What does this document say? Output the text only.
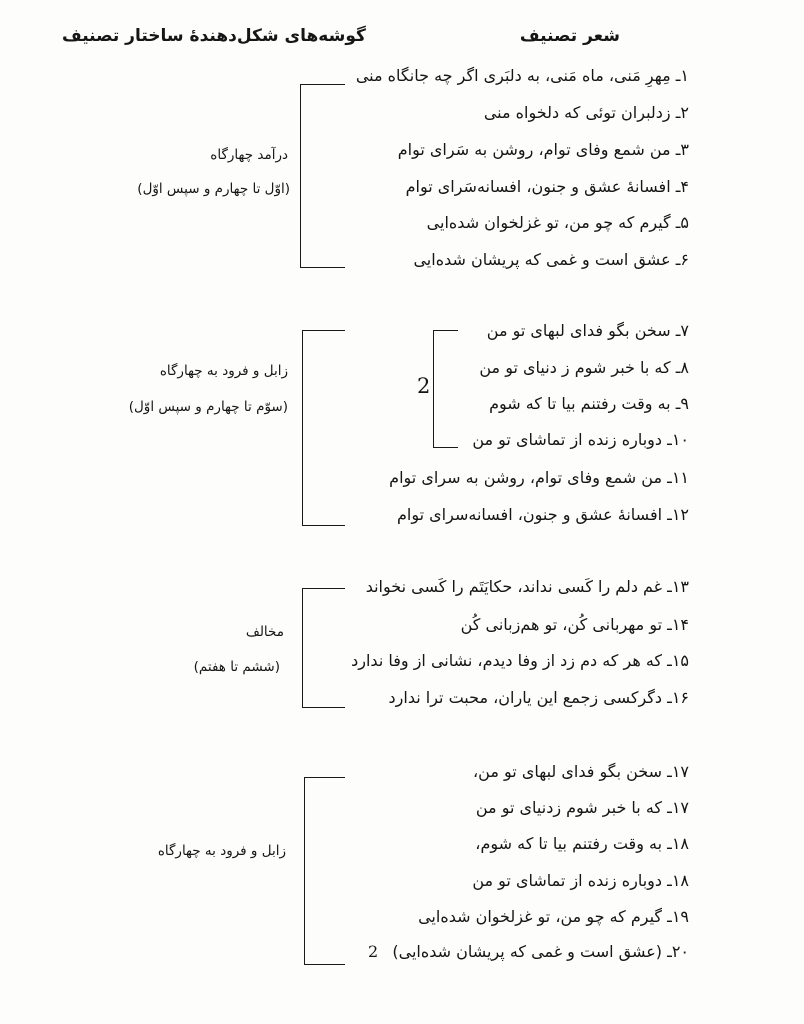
شعر تصنیف
گوشه‌های شکل‌دهندهٔ ساختار تصنیف
۱ـ مِهرِ مَنی، ماه مَنی، به دلبَری اگر چه جانگاه منی
۲ـ زدلبران توئی که دلخواه منی
۳ـ من شمع وفای توام، روشن به سَرای توام
۴ـ افسانهٔ عشق و جنون، افسانه‌سَرای توام
۵ـ گیرم که چو من، تو غزلخوان شده‌ایی
۶ـ عشق است و غمی که پریشان شده‌ایی
۷ـ سخن بگو فدای لبهای تو من
۸ـ که با خبر شوم ز دنیای تو من
۹ـ به وقت رفتنم بیا تا که شوم
۱۰ـ دوباره زنده از تماشای تو من
۱۱ـ من شمع وفای توام، روشن به سرای توام
۱۲ـ افسانهٔ عشق و جنون، افسانه‌سرای توام
۱۳ـ غم دلم را کَسی نداند، حکایَتَم را کَسی نخواند
۱۴ـ تو مهربانی کُن، تو هم‌زبانی کُن
۱۵ـ که هر که دم زد از وفا دیدم، نشانی از وفا ندارد
۱۶ـ دگرکسی زجمع این یاران، محبت ترا ندارد
۱۷ـ سخن بگو فدای لبهای تو من،
۱۷ـ که با خبر شوم زدنیای تو من
۱۸ـ به وقت رفتنم بیا تا که شوم،
۱۸ـ دوباره زنده از تماشای تو من
۱۹ـ گیرم که چو من، تو غزلخوان شده‌ایی
۲۰ـ (عشق است و غمی که پریشان شده‌ایی)
درآمد چهارگاه
(اوّل تا چهارم و سپس اوّل)
2
زابل و فرود به چهارگاه
(سوّم تا چهارم و سپس اوّل)
مخالف
(ششم تا هفتم)
زابل و فرود به چهارگاه
2
